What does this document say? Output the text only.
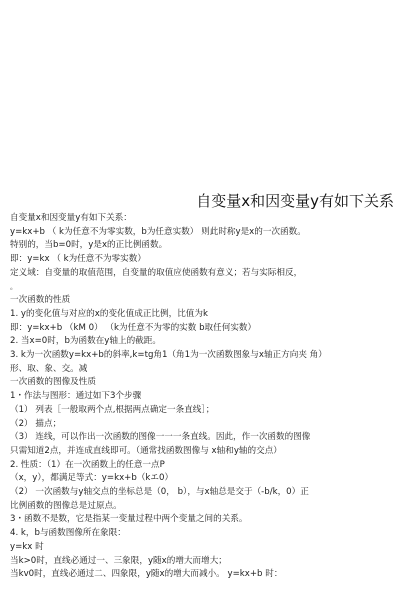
自变量x和因变量y有如下关系
自变量x和因变量y有如下关系：
y=kx+b （ k为任意不为零实数，b为任意实数） 则此时称y是x的一次函数。
特别的，当b=0时，y是x的正比例函数。
即：y=kx （ k为任意不为零实数）
定义域：自变量的取值范围，自变量的取值应使函数有意义；若与实际相反，
。
一次函数的性质
1. y的变化值与对应的x的变化值成正比例，比值为k
即：y=kx+b （kM 0） （k为任意不为零的实数 b取任何实数）
2. 当x=0时，b为函数在y轴上的截距。
3. k为一次函数y=kx+b的斜率,k=tg角1（角1为一次函数图象与x轴正方向夹 角）
形、取、象、交。减
一次函数的图像及性质
1・作法与图形：通过如下3个步骤
（1） 列表［一般取两个点,根据两点确定一条直线］；
（2） 描点；
（3） 连线，可以作出一次函数的图像一一一条直线。因此，作一次函数的图像
只需知道2点，并连成直线即可。（通常找函数图像与 x轴和y轴的交点）
2. 性质：（1）在一次函数上的任意一点P
（x，y），都满足等式：y=kx+b（kエ0）
（2） 一次函数与y轴交点的坐标总是（0， b），与x轴总是交于（-b/k，0）正
比例函数的图像总是过原点。
3・函数不是数，它是指某一变量过程中两个变量之间的关系。
4. k，b与函数图像所在象限：
y=kx 时
当k>0时，直线必通过一、三象限，y随x的增大而增大；
当kv0时，直线必通过二、四象限，y随x的增大而减小。 y=kx+b 时：
